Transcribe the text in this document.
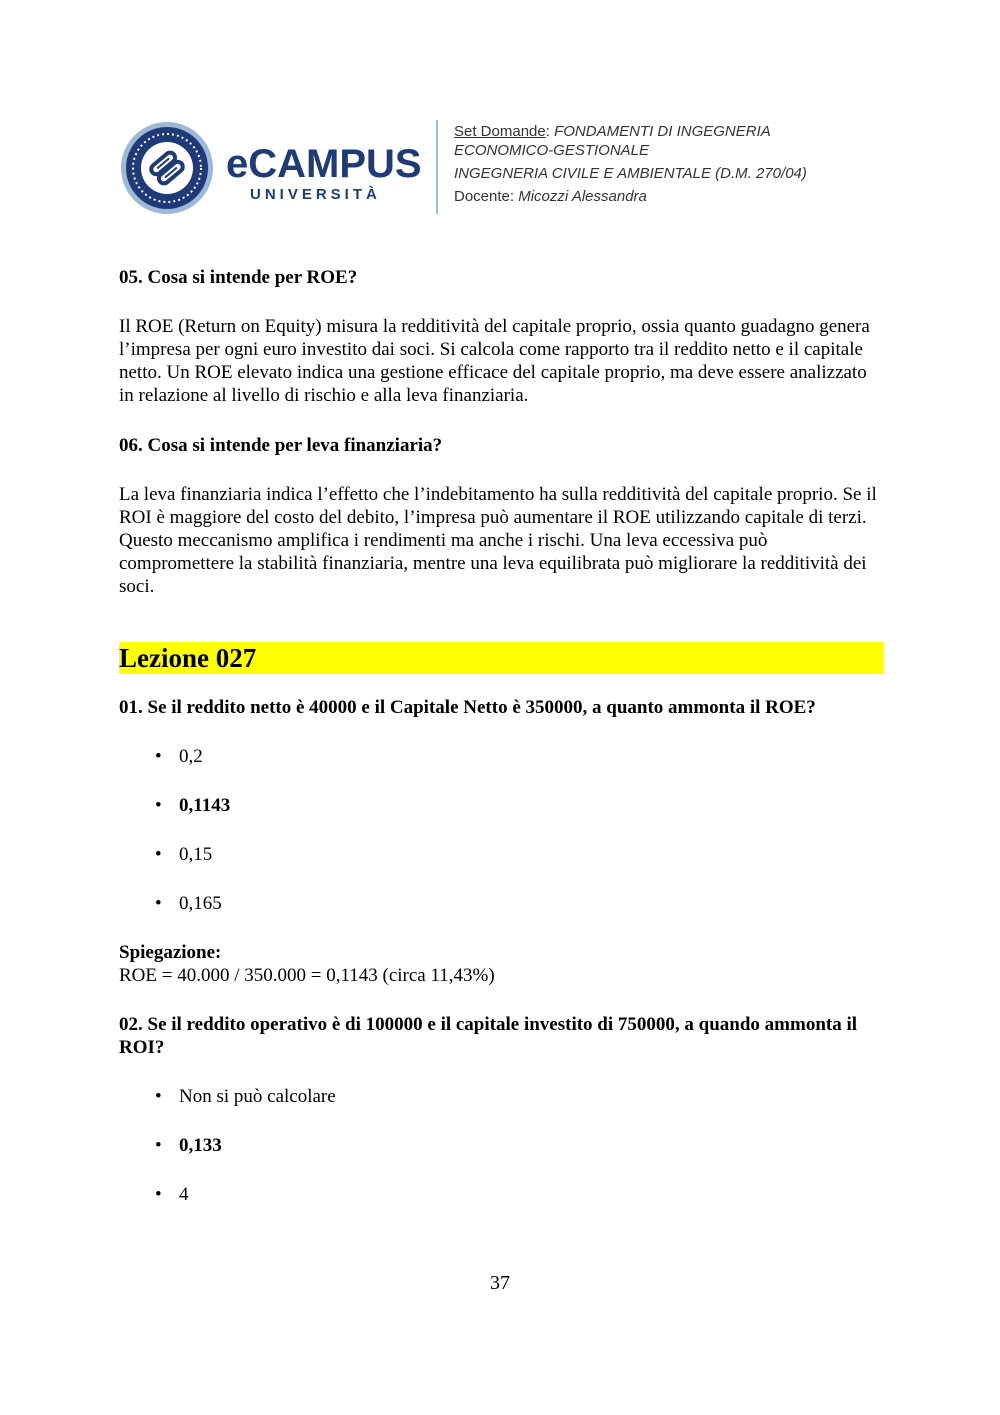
eCAMPUS
UNIVERSITÀ
Set Domande: FONDAMENTI DI INGEGNERIA
ECONOMICO-GESTIONALE
INGEGNERIA CIVILE E AMBIENTALE (D.M. 270/04)
Docente: Micozzi Alessandra

05. Cosa si intende per ROE?

Il ROE (Return on Equity) misura la redditività del capitale proprio, ossia quanto guadagno genera l’impresa per ogni euro investito dai soci. Si calcola come rapporto tra il reddito netto e il capitale netto. Un ROE elevato indica una gestione efficace del capitale proprio, ma deve essere analizzato in relazione al livello di rischio e alla leva finanziaria.

06. Cosa si intende per leva finanziaria?

La leva finanziaria indica l’effetto che l’indebitamento ha sulla redditività del capitale proprio. Se il ROI è maggiore del costo del debito, l’impresa può aumentare il ROE utilizzando capitale di terzi. Questo meccanismo amplifica i rendimenti ma anche i rischi. Una leva eccessiva può compromettere la stabilità finanziaria, mentre una leva equilibrata può migliorare la redditività dei soci.

Lezione 027

01. Se il reddito netto è 40000 e il Capitale Netto è 350000, a quanto ammonta il ROE?

• 0,2
• 0,1143
• 0,15
• 0,165

Spiegazione:

ROE = 40.000 / 350.000 = 0,1143 (circa 11,43%)

02. Se il reddito operativo è di 100000 e il capitale investito di 750000, a quando ammonta il ROI?

• Non si può calcolare
• 0,133
• 4
37
